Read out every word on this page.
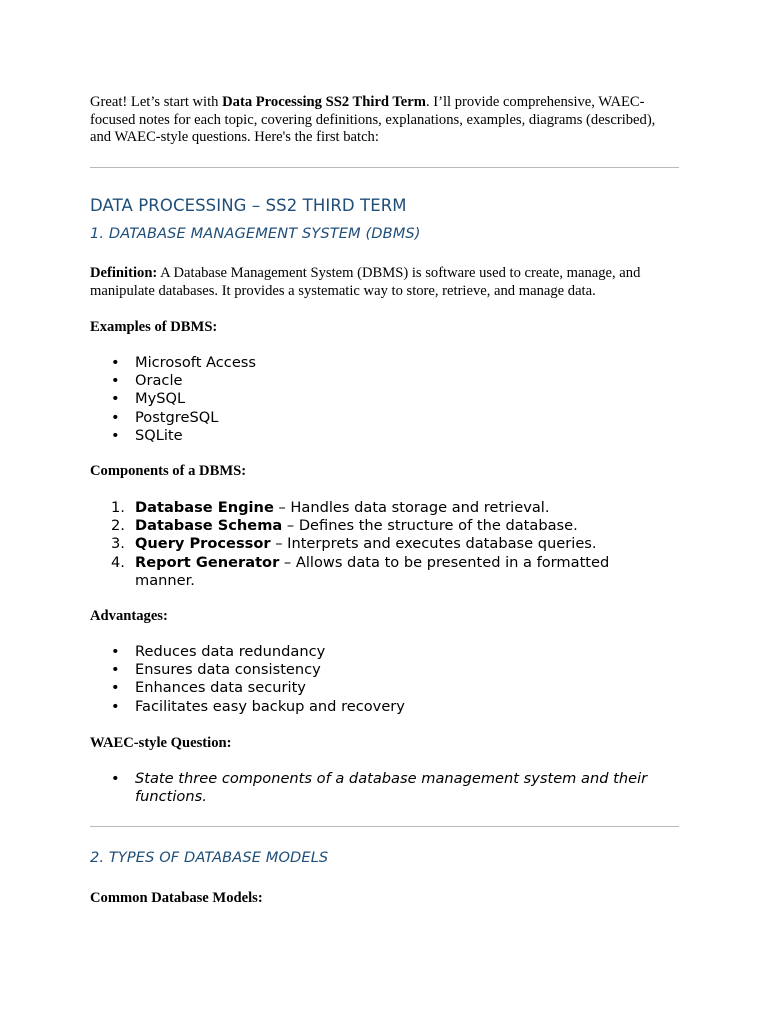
Great! Let’s start with Data Processing SS2 Third Term. I’ll provide comprehensive, WAEC-focused notes for each topic, covering definitions, explanations, examples, diagrams (described), and WAEC-style questions. Here's the first batch:

DATA PROCESSING – SS2 THIRD TERM
1. DATABASE MANAGEMENT SYSTEM (DBMS)

Definition: A Database Management System (DBMS) is software used to create, manage, and manipulate databases. It provides a systematic way to store, retrieve, and manage data.

Examples of DBMS:

• Microsoft Access
• Oracle
• MySQL
• PostgreSQL
• SQLite

Components of a DBMS:

1. Database Engine – Handles data storage and retrieval.
2. Database Schema – Defines the structure of the database.
3. Query Processor – Interprets and executes database queries.
4. Report Generator – Allows data to be presented in a formatted manner.

Advantages:

• Reduces data redundancy
• Ensures data consistency
• Enhances data security
• Facilitates easy backup and recovery

WAEC-style Question:

• State three components of a database management system and their functions.
2. TYPES OF DATABASE MODELS

Common Database Models:
